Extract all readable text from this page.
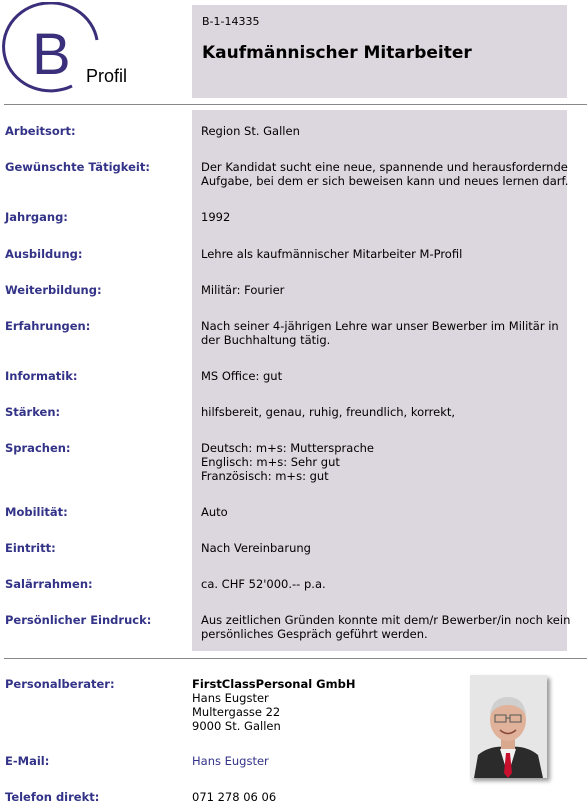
B Profil
B-1-14335
Kaufmännischer Mitarbeiter
Arbeitsort:	Region St. Gallen
Gewünschte Tätigkeit:	Der Kandidat sucht eine neue, spannende und herausfordernde
Aufgabe, bei dem er sich beweisen kann und neues lernen darf.
Jahrgang:	1992
Ausbildung:	Lehre als kaufmännischer Mitarbeiter M-Profil
Weiterbildung:	Militär: Fourier
Erfahrungen:	Nach seiner 4-jährigen Lehre war unser Bewerber im Militär in
der Buchhaltung tätig.
Informatik:	MS Office: gut
Stärken:	hilfsbereit, genau, ruhig, freundlich, korrekt,
Sprachen:	Deutsch: m+s: Muttersprache
Englisch: m+s: Sehr gut
Französisch: m+s: gut
Mobilität:	Auto
Eintritt:	Nach Vereinbarung
Salärrahmen:	ca. CHF 52'000.-- p.a.
Persönlicher Eindruck:	Aus zeitlichen Gründen konnte mit dem/r Bewerber/in noch kein
persönliches Gespräch geführt werden.
Personalberater:	FirstClassPersonal GmbH
Hans Eugster
Multergasse 22
9000 St. Gallen
E-Mail:	Hans Eugster
Telefon direkt:	071 278 06 06
